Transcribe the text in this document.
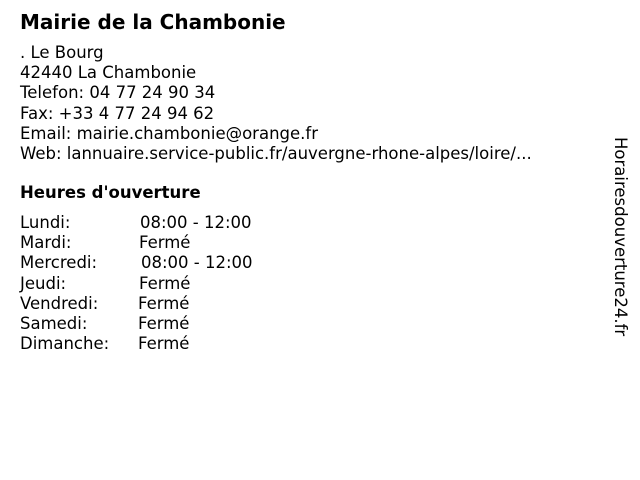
Mairie de la Chambonie
. Le Bourg
42440 La Chambonie
Telefon: 04 77 24 90 34
Fax: +33 4 77 24 94 62
Email: mairie.chambonie@orange.fr
Web: lannuaire.service-public.fr/auvergne-rhone-alpes/loire/...
Heures d'ouverture
Lundi:	08:00 - 12:00
Mardi:	Fermé
Mercredi:	08:00 - 12:00
Jeudi:	Fermé
Vendredi: Fermé
Samedi:	Fermé
Dimanche: Fermé
Horairesdouverture24.fr
